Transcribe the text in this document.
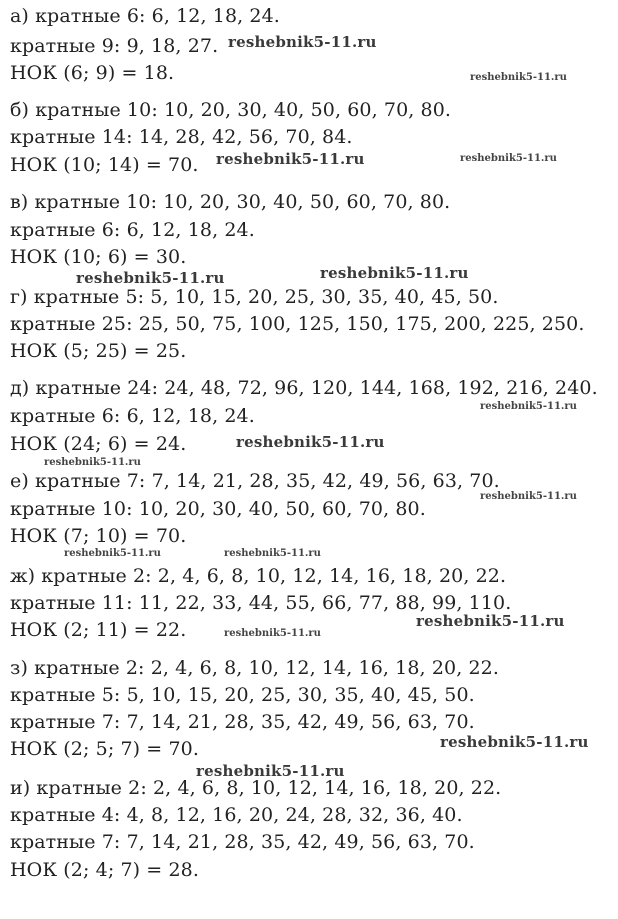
а) кратные 6: 6, 12, 18, 24.
кратные 9: 9, 18, 27.
НОК (6; 9) = 18.
б) кратные 10: 10, 20, 30, 40, 50, 60, 70, 80.
кратные 14: 14, 28, 42, 56, 70, 84.
НОК (10; 14) = 70.
в) кратные 10: 10, 20, 30, 40, 50, 60, 70, 80.
кратные 6: 6, 12, 18, 24.
НОК (10; 6) = 30.
г) кратные 5: 5, 10, 15, 20, 25, 30, 35, 40, 45, 50.
кратные 25: 25, 50, 75, 100, 125, 150, 175, 200, 225, 250.
НОК (5; 25) = 25.
д) кратные 24: 24, 48, 72, 96, 120, 144, 168, 192, 216, 240.
кратные 6: 6, 12, 18, 24.
НОК (24; 6) = 24.
е) кратные 7: 7, 14, 21, 28, 35, 42, 49, 56, 63, 70.
кратные 10: 10, 20, 30, 40, 50, 60, 70, 80.
НОК (7; 10) = 70.
ж) кратные 2: 2, 4, 6, 8, 10, 12, 14, 16, 18, 20, 22.
кратные 11: 11, 22, 33, 44, 55, 66, 77, 88, 99, 110.
НОК (2; 11) = 22.
з) кратные 2: 2, 4, 6, 8, 10, 12, 14, 16, 18, 20, 22.
кратные 5: 5, 10, 15, 20, 25, 30, 35, 40, 45, 50.
кратные 7: 7, 14, 21, 28, 35, 42, 49, 56, 63, 70.
НОК (2; 5; 7) = 70.
и) кратные 2: 2, 4, 6, 8, 10, 12, 14, 16, 18, 20, 22.
кратные 4: 4, 8, 12, 16, 20, 24, 28, 32, 36, 40.
кратные 7: 7, 14, 21, 28, 35, 42, 49, 56, 63, 70.
НОК (2; 4; 7) = 28.
reshebnik5-11.ru
reshebnik5-11.ru
reshebnik5-11.ru	reshebnik5-11.ru
reshebnik5-11.ru	reshebnik5-11.ru
reshebnik5-11.ru
reshebnik5-11.ru
reshebnik5-11.ru
reshebnik5-11.ru
reshebnik5-11.ru	reshebnik5-11.ru
reshebnik5-11.ru
reshebnik5-11.ru
reshebnik5-11.ru
reshebnik5-11.ru
